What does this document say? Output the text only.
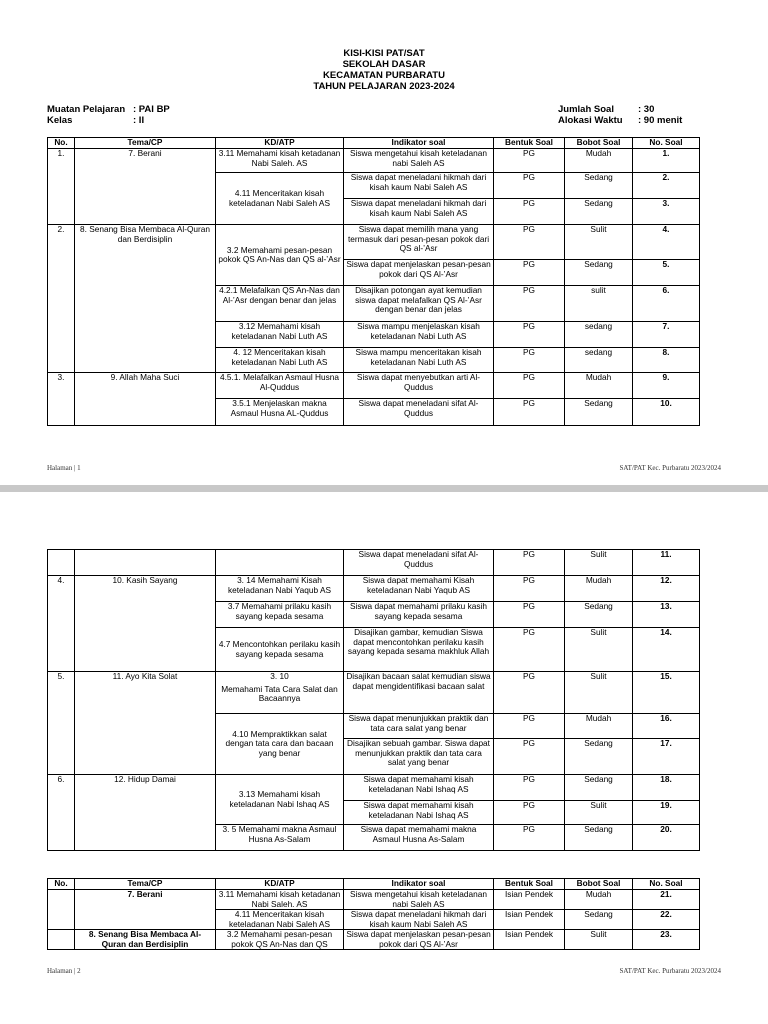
KISI-KISI PAT/SAT
SEKOLAH DASAR
KECAMATAN PURBARATU
TAHUN PELAJARAN 2023-2024
Muatan Pelajaran : PAI BP
Kelas	: II
Jumlah Soal	: 30
Alokasi Waktu : 90 menit
No.	Tema/CP	KD/ATP	Indikator soal	Bentuk Soal	Bobot Soal	No. Soal
1.	7. Berani	3.11 Memahami kisah ketadanan Nabi Saleh. AS	Siswa mengetahui kisah keteladanan nabi Saleh AS	PG	Mudah	1.
		4.11 Menceritakan kisah keteladanan Nabi Saleh AS	Siswa dapat meneladani hikmah dari kisah kaum Nabi Saleh AS	PG	Sedang	2.
			Siswa dapat meneladani hikmah dari kisah kaum Nabi Saleh AS	PG	Sedang	3.
2.	8. Senang Bisa Membaca Al-Quran dan Berdisiplin	3.2 Memahami pesan-pesan pokok QS An-Nas dan QS al-’Asr	Siswa dapat memilih mana yang termasuk dari pesan-pesan pokok dari QS al-’Asr	PG	Sulit	4.
			Siswa dapat menjelaskan pesan-pesan pokok dari QS Al-’Asr	PG	Sedang	5.
		4.2.1 Melafalkan QS An-Nas dan Al-’Asr dengan benar dan jelas	Disajikan potongan ayat kemudian siswa dapat melafalkan QS Al-’Asr dengan benar dan jelas	PG	sulit	6.
		3.12 Memahami kisah keteladanan Nabi Luth AS	Siswa mampu menjelaskan kisah keteladanan Nabi Luth AS	PG	sedang	7.
		4. 12 Menceritakan kisah keteladanan Nabi Luth AS	Siswa mampu menceritakan kisah keteladanan Nabi Luth AS	PG	sedang	8.
3.	9. Allah Maha Suci	4.5.1. Melafalkan Asmaul Husna Al-Quddus	Siswa dapat menyebutkan arti Al-Quddus	PG	Mudah	9.
		3.5.1 Menjelaskan makna Asmaul Husna AL-Quddus	Siswa dapat meneladani sifat Al-Quddus	PG	Sedang	10.
Halaman | 1	SAT/PAT Kec. Purbaratu 2023/2024
			Siswa dapat meneladani sifat Al-Quddus	PG	Sulit	11.
4.	10. Kasih Sayang	3. 14 Memahami Kisah keteladanan Nabi Yaqub AS	Siswa dapat memahami Kisah keteladanan Nabi Yaqub AS	PG	Mudah	12.
		3.7 Memahami prilaku kasih sayang kepada sesama	Siswa dapat memahami prilaku kasih sayang kepada sesama	PG	Sedang	13.
		4.7 Mencontohkan perilaku kasih sayang kepada sesama	Disajikan gambar, kemudian Siswa dapat mencontohkan perilaku kasih sayang kepada sesama makhluk Allah	PG	Sulit	14.
5.	11. Ayo Kita Solat	3. 10
Memahami Tata Cara Salat dan Bacaannya	Disajikan bacaan salat kemudian siswa dapat mengidentifikasi bacaan salat	PG	Sulit	15.
		4.10 Mempraktikkan salat dengan tata cara dan bacaan yang benar	Siswa dapat menunjukkan praktik dan tata cara salat yang benar	PG	Mudah	16.
			Disajikan sebuah gambar. Siswa dapat menunjukkan praktik dan tata cara salat yang benar	PG	Sedang	17.
6.	12. Hidup Damai	3.13 Memahami kisah keteladanan Nabi Ishaq AS	Siswa dapat memahami kisah keteladanan Nabi Ishaq AS	PG	Sedang	18.
			Siswa dapat memahami kisah keteladanan Nabi Ishaq AS	PG	Sulit	19.
		3. 5 Memahami makna Asmaul Husna As-Salam	Siswa dapat memahami makna Asmaul Husna As-Salam	PG	Sedang	20.
No.	Tema/CP	KD/ATP	Indikator soal	Bentuk Soal	Bobot Soal	No. Soal
	7. Berani	3.11 Memahami kisah ketadanan Nabi Saleh. AS	Siswa mengetahui kisah keteladanan nabi Saleh AS	Isian Pendek	Mudah	21.
		4.11 Menceritakan kisah keteladanan Nabi Saleh AS	Siswa dapat meneladani hikmah dari kisah kaum Nabi Saleh AS	Isian Pendek	Sedang	22.
	8. Senang Bisa Membaca Al-Quran dan Berdisiplin	3.2 Memahami pesan-pesan pokok QS An-Nas dan QS	Siswa dapat menjelaskan pesan-pesan pokok dari QS Al-’Asr	Isian Pendek	Sulit	23.
Halaman | 2	SAT/PAT Kec. Purbaratu 2023/2024
